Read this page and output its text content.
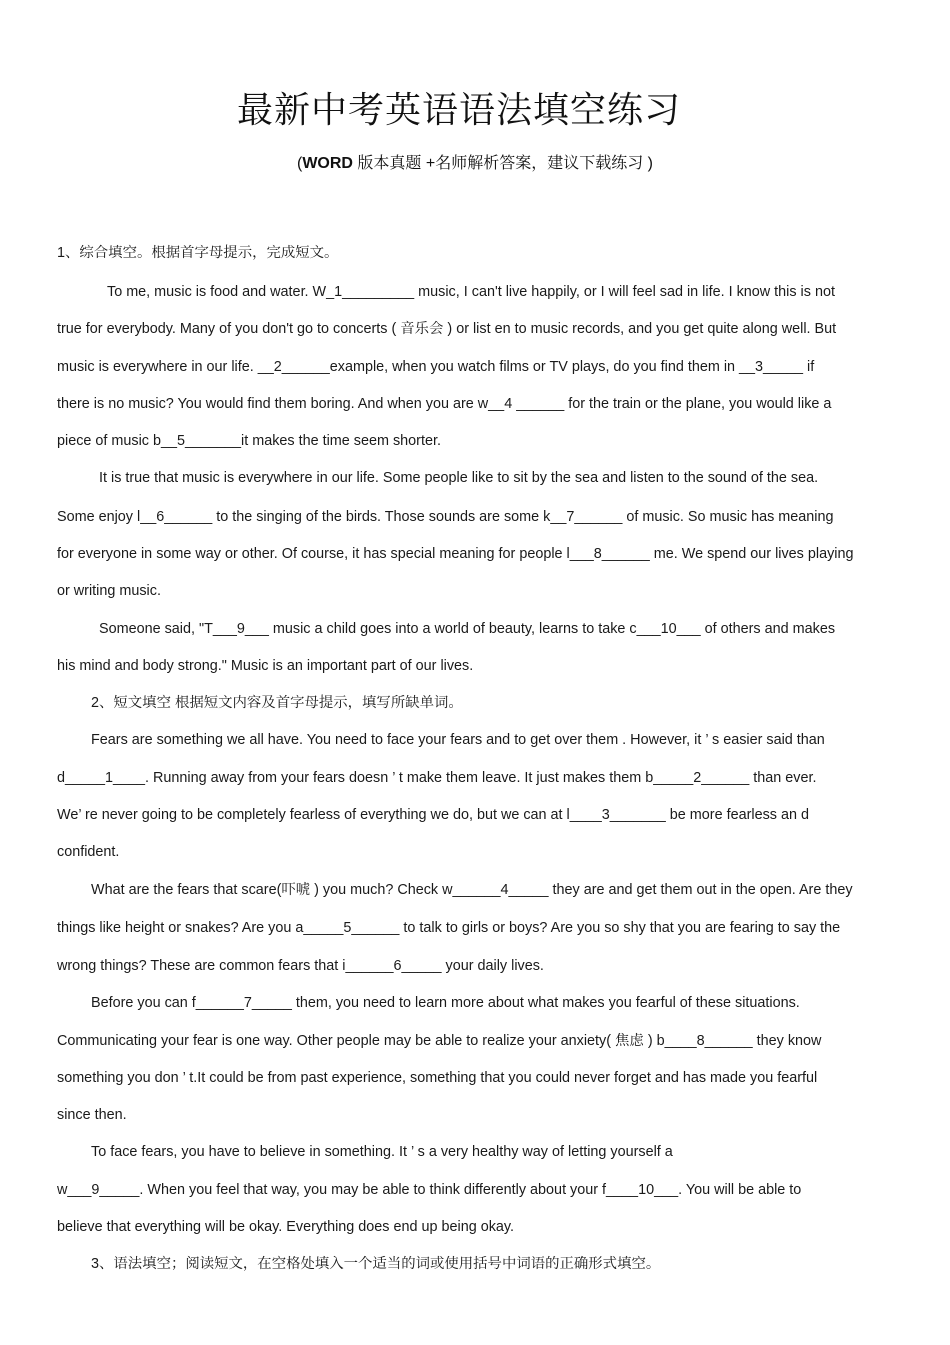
最新中考英语语法填空练习
(WORD 版本真题 +名师解析答案，建议下载练习 )
1、综合填空。根据首字母提示，完成短文。
To me, music is food and water. W_1_________ music, I can't live happily, or I will feel sad in life. I know this is not
true for everybody. Many of you don't go to concerts ( 音乐会 ) or list en to music records, and you get quite along well. But
music is everywhere in our life. __2______example, when you watch films or TV plays, do you find them in __3_____ if
there is no music? You would find them boring. And when you are w__4 ______ for the train or the plane, you would like a
piece of music b__5_______it makes the time seem shorter.
It is true that music is everywhere in our life. Some people like to sit by the sea and listen to the sound of the sea.
Some enjoy l__6______ to the singing of the birds. Those sounds are some k__7______ of music. So music has meaning
for everyone in some way or other. Of course, it has special meaning for people l___8______ me. We spend our lives playing
or writing music.
Someone said, "T___9___ music a child goes into a world of beauty, learns to take c___10___ of others and makes
his mind and body strong." Music is an important part of our lives.
2、短文填空 根据短文内容及首字母提示，填写所缺单词。
Fears are something we all have. You need to face your fears and to get over them . However, it ’ s easier said than
d_____1____. Running away from your fears doesn ’ t make them leave. It just makes them b_____2______ than ever.
We’ re never going to be completely fearless of everything we do, but we can at l____3_______ be more fearless an d
confident.
What are the fears that scare(吓唬 ) you much? Check w______4_____ they are and get them out in the open. Are they
things like height or snakes? Are you a_____5______ to talk to girls or boys? Are you so shy that you are fearing to say the
wrong things? These are common fears that i______6_____ your daily lives.
Before you can f______7_____ them, you need to learn more about what makes you fearful of these situations.
Communicating your fear is one way. Other people may be able to realize your anxiety( 焦虑 ) b____8______ they know
something you don ’ t.It could be from past experience, something that you could never forget and has made you fearful
since then.
To face fears, you have to believe in something. It ’ s a very healthy way of letting yourself a
w___9_____. When you feel that way, you may be able to think differently about your f____10___. You will be able to
believe that everything will be okay. Everything does end up being okay.
3、语法填空；阅读短文，在空格处填入一个适当的词或使用括号中词语的正确形式填空。
